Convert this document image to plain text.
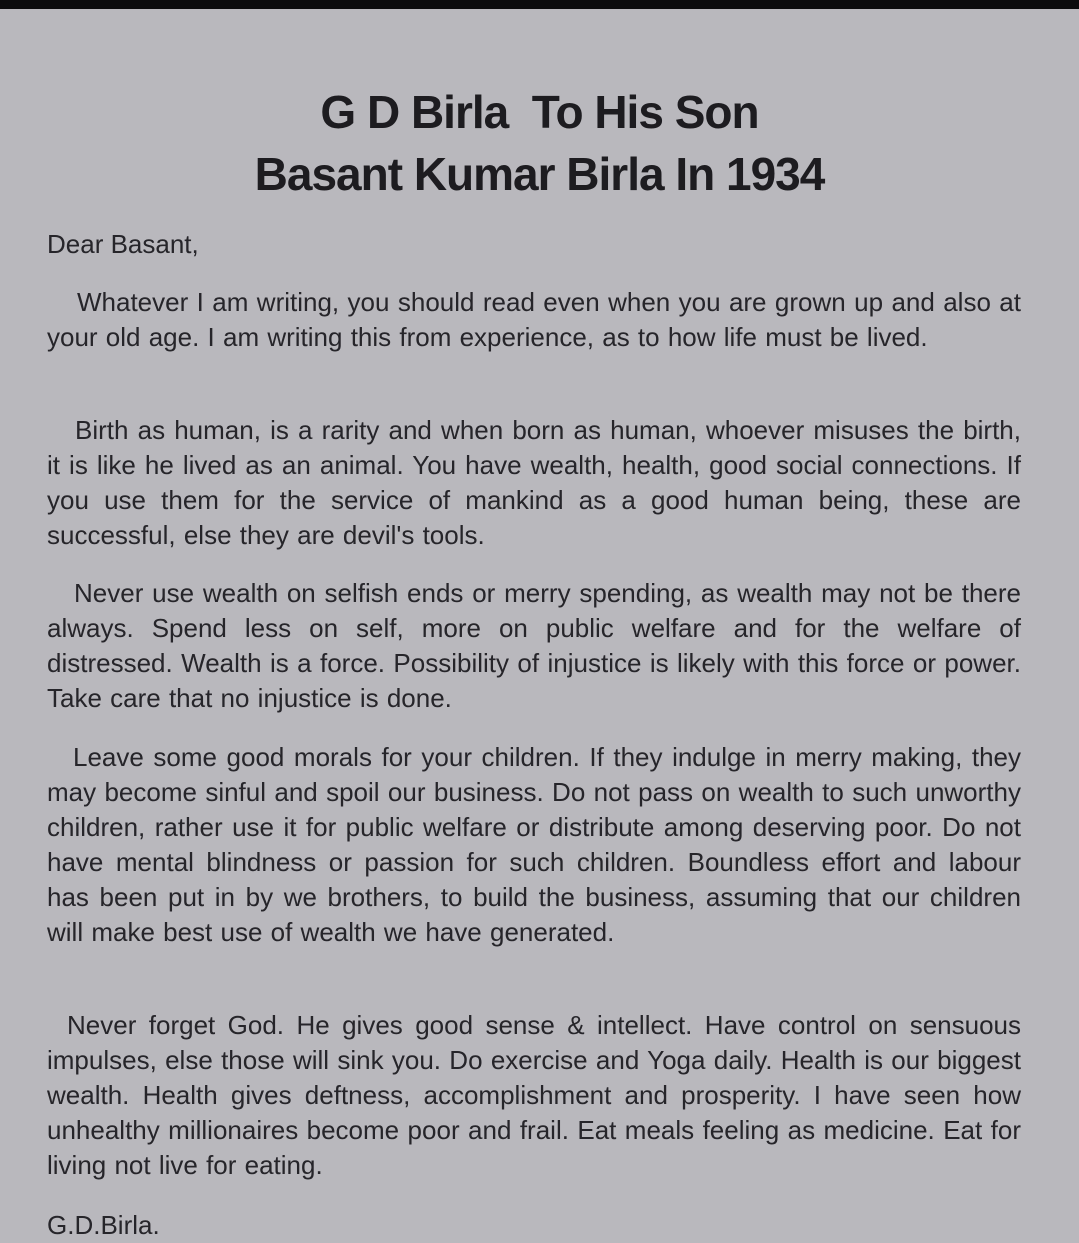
G D Birla  To His Son
Basant Kumar Birla In 1934
Dear Basant,
Whatever I am writing, you should read even when you are grown up and also at your old age. I am writing this from experience, as to how life must be lived.
Birth as human, is a rarity and when born as human, whoever misuses the birth, it is like he lived as an animal. You have wealth, health, good social connections. If you use them for the service of mankind as a good human being, these are successful, else they are devil's tools.
Never use wealth on selfish ends or merry spending, as wealth may not be there always. Spend less on self, more on public welfare and for the welfare of distressed. Wealth is a force. Possibility of injustice is likely with this force or power. Take care that no injustice is done.
Leave some good morals for your children. If they indulge in merry making, they may become sinful and spoil our business. Do not pass on wealth to such unworthy children, rather use it for public welfare or distribute among deserving poor. Do not have mental blindness or passion for such children. Boundless effort and labour has been put in by we brothers, to build the business, assuming that our children will make best use of wealth we have generated.
Never forget God. He gives good sense & intellect. Have control on sensuous impulses, else those will sink you. Do exercise and Yoga daily. Health is our biggest wealth. Health gives deftness, accomplishment and prosperity. I have seen how unhealthy millionaires become poor and frail. Eat meals feeling as medicine. Eat for living not live for eating.
G.D.Birla.
